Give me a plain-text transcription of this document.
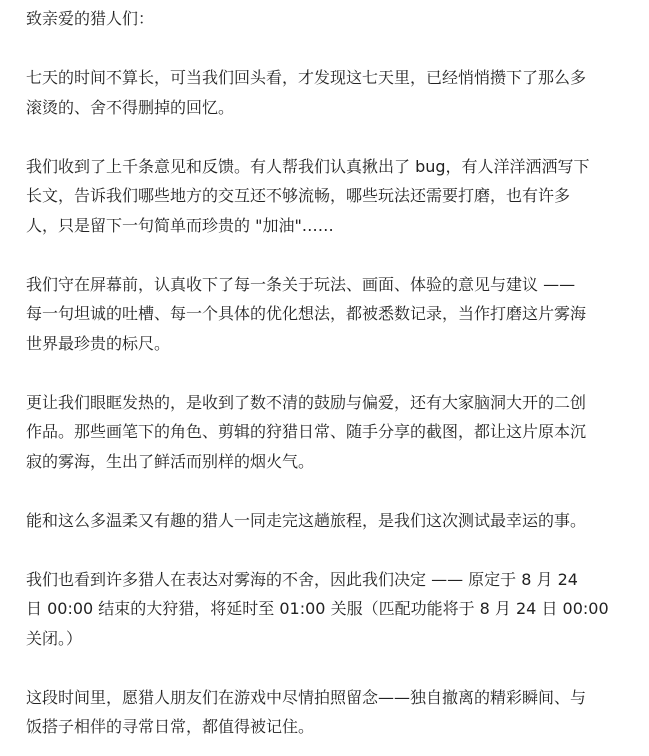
致亲爱的猎人们：

七天的时间不算长，可当我们回头看，才发现这七天里，已经悄悄攒下了那么多
滚烫的、舍不得删掉的回忆。

我们收到了上千条意见和反馈。有人帮我们认真揪出了 bug，有人洋洋洒洒写下
长文，告诉我们哪些地方的交互还不够流畅，哪些玩法还需要打磨，也有许多
人，只是留下一句简单而珍贵的 "加油"……

我们守在屏幕前，认真收下了每一条关于玩法、画面、体验的意见与建议 ——
每一句坦诚的吐槽、每一个具体的优化想法，都被悉数记录，当作打磨这片雾海
世界最珍贵的标尺。

更让我们眼眶发热的，是收到了数不清的鼓励与偏爱，还有大家脑洞大开的二创
作品。那些画笔下的角色、剪辑的狩猎日常、随手分享的截图，都让这片原本沉
寂的雾海，生出了鲜活而别样的烟火气。

能和这么多温柔又有趣的猎人一同走完这趟旅程，是我们这次测试最幸运的事。

我们也看到许多猎人在表达对雾海的不舍，因此我们决定 —— 原定于 8 月 24
日 00:00 结束的大狩猎，将延时至 01:00 关服（匹配功能将于 8 月 24 日 00:00
关闭。）

这段时间里，愿猎人朋友们在游戏中尽情拍照留念——独自撤离的精彩瞬间、与
饭搭子相伴的寻常日常，都值得被记住。
